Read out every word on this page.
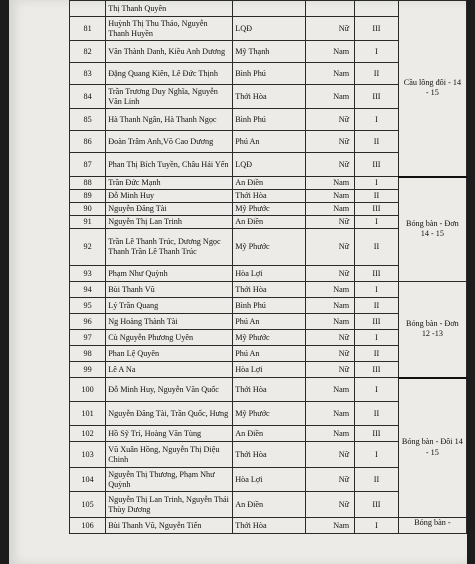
	Thị Thanh Quyên				Cầu lông đôi - 14 - 15
81	Huỳnh Thị Thu Thảo, Nguyễn Thanh Huyền	LQĐ	Nữ	III	
82	Văn Thành Danh, Kiều Anh Dương	Mỹ Thạnh	Nam	I	
83	Đặng Quang Kiên, Lê Đức Thịnh	Bình Phú	Nam	II	
84	Trần Trương Duy Nghĩa, Nguyễn Văn Linh	Thới Hòa	Nam	III	
85	Hà Thanh Ngân, Hà Thanh Ngọc	Bình Phú	Nữ	I	
86	Đoàn Trâm Anh,Võ Cao Dương	Phú An	Nữ	II	
87	Phan Thị Bích Tuyền, Châu Hải Yến	LQĐ	Nữ	III	
88	Trần Đức Mạnh	An Điền	Nam	I	Bóng bàn - Đơn 14 - 15
89	Đỗ Minh Huy	Thới Hòa	Nam	II	
90	Nguyễn Đăng Tài	Mỹ Phước	Nam	III	
91	Nguyễn Thị Lan Trinh	An Điền	Nữ	I	
92	Trần Lê Thanh Trúc, Dương Ngọc Thanh Trần Lê Thanh Trúc	Mỹ Phước	Nữ	II	
93	Phạm Như Quỳnh	Hòa Lợi	Nữ	III	
94	Bùi Thanh Vũ	Thới Hòa	Nam	I	Bóng bàn - Đơn 12 -13
95	Lý Trần Quang	Bình Phú	Nam	II	
96	Ng Hoàng Thành Tài	Phú An	Nam	III	
97	Cù Nguyễn Phương Uyên	Mỹ Phước	Nữ	I	
98	Phan Lệ Quyên	Phú An	Nữ	II	
99	Lê A Na	Hòa Lợi	Nữ	III	
100	Đỗ Minh Huy, Nguyễn Văn Quốc	Thới Hòa	Nam	I	Bóng bàn - Đôi 14 - 15
101	Nguyễn Đăng Tài, Trần Quốc, Hưng	Mỹ Phước	Nam	II	
102	Hồ Sỹ Trí, Hoàng Văn Tùng	An Điền	Nam	III	
103	Vũ Xuân Hồng, Nguyễn Thị Diệu Chinh	Thới Hòa	Nữ	I	
104	Nguyễn Thị Thương, Phạm Như Quỳnh	Hòa Lợi	Nữ	II	
105	Nguyễn Thị Lan Trinh, Nguyễn Thái Thùy Dương	An Điền	Nữ	III	
106	Bùi Thanh Vũ, Nguyễn Tiến	Thới Hòa	Nam	I	Bóng bàn -
